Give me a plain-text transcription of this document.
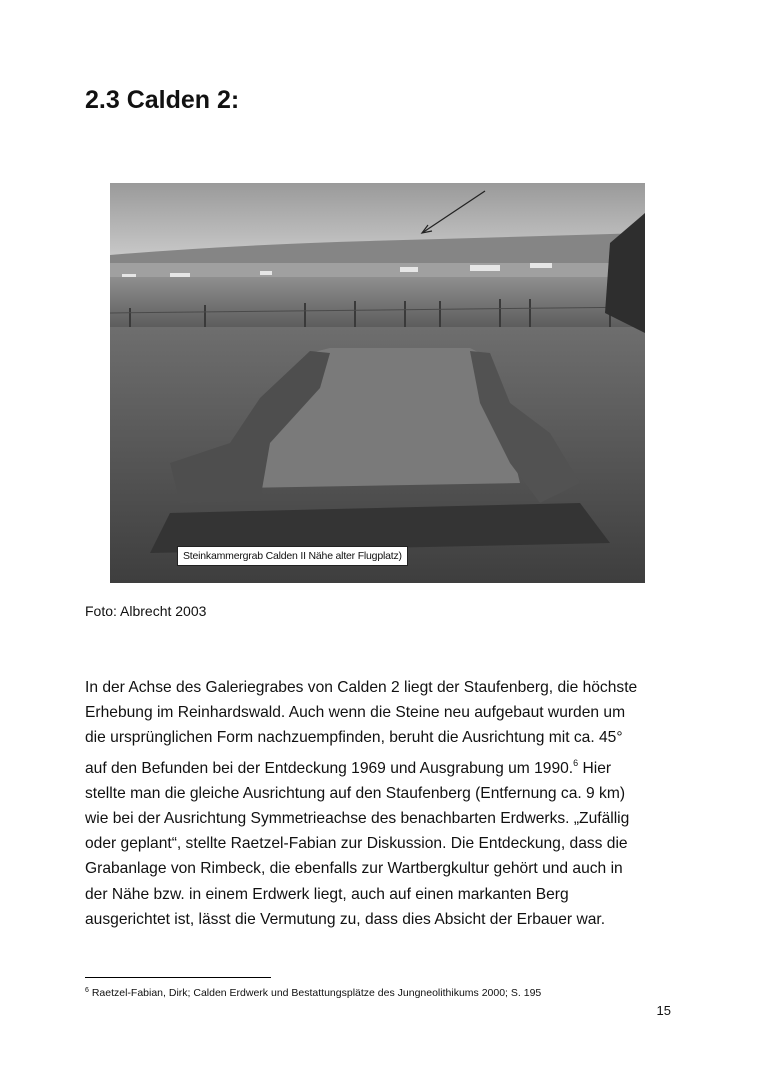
2.3 Calden 2:
Steinkammergrab Calden II Nähe alter Flugplatz)

Foto: Albrecht 2003

In der Achse des Galeriegrabes von Calden 2 liegt der Staufenberg, die höchste

Erhebung im Reinhardswald. Auch wenn die Steine neu aufgebaut wurden um

die ursprünglichen Form nachzuempfinden, beruht die Ausrichtung mit ca. 45°

auf den Befunden bei der Entdeckung 1969 und Ausgrabung um 1990.$^6$ Hier

stellte man die gleiche Ausrichtung auf den Staufenberg (Entfernung ca. 9 km)

wie bei der Ausrichtung Symmetrieachse des benachbarten Erdwerks. „Zufällig

oder geplant“, stellte Raetzel-Fabian zur Diskussion. Die Entdeckung, dass die

Grabanlage von Rimbeck, die ebenfalls zur Wartbergkultur gehört und auch in

der Nähe bzw. in einem Erdwerk liegt, auch auf einen markanten Berg

ausgerichtet ist, lässt die Vermutung zu, dass dies Absicht der Erbauer war.

$^6$ Raetzel-Fabian, Dirk; Calden Erdwerk und Bestattungsplätze des Jungneolithikums 2000; S. 195

15
